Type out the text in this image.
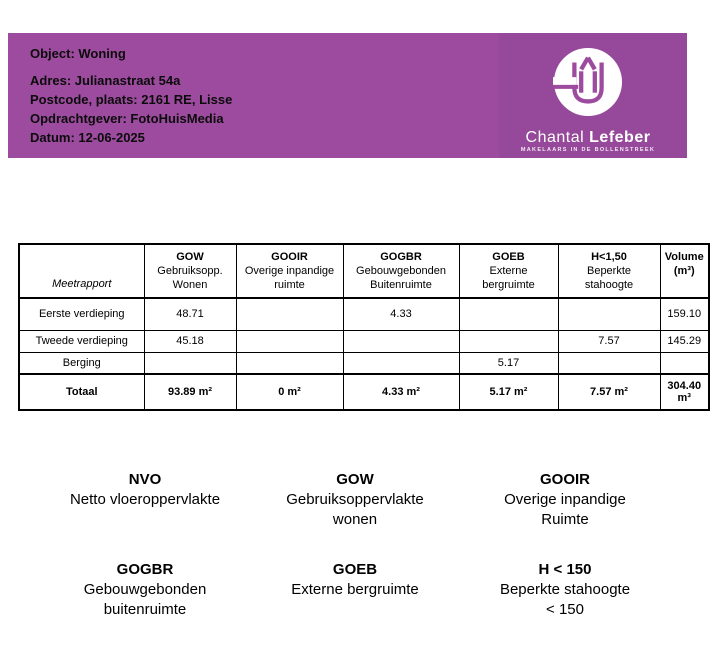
Object: Woning
Adres: Julianastraat 54a
Postcode, plaats: 2161 RE, Lisse
Opdrachtgever: FotoHuisMedia
Datum: 12-06-2025	Chantal Lefeber
MAKELAARS IN DE BOLLENSTREEK
Meetrapport	
GOW
Gebruiksopp.
Wonen

GOOIR
Overige inpandige
ruimte

GOGBR
Gebouwgebonden
Buitenruimte

GOEB
Externe
bergruimte

H<1,50
Beperkte
stahoogte

Volume
(m³)

Eerste verdieping	48.71		4.33			159.10
Tweede verdieping	45.18				7.57	145.29
Berging				5.17		
Totaal	93.89 m²	0 m²	4.33 m²	5.17 m²	7.57 m²	304.40 m³
NVO
Netto vloeroppervlakte
GOW
Gebruiksoppervlakte
wonen
GOOIR
Overige inpandige
Ruimte
GOGBR
Gebouwgebonden
buitenruimte
GOEB
Externe bergruimte
H < 150
Beperkte stahoogte
< 150
